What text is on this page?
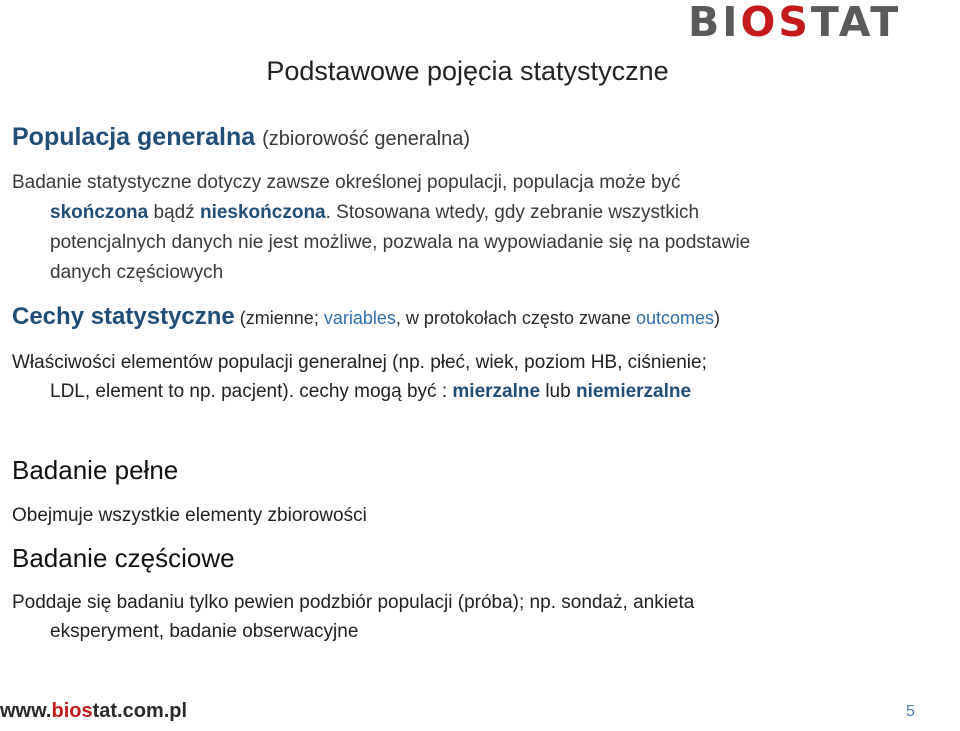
BIOSTAT
Podstawowe pojęcia statystyczne
Populacja generalna (zbiorowość generalna)

Badanie statystyczne dotyczy zawsze określonej populacji, populacja może być
skończona bądź nieskończona. Stosowana wtedy, gdy zebranie wszystkich
potencjalnych danych nie jest możliwe, pozwala na wypowiadanie się na podstawie
danych częściowych

Cechy statystyczne (zmienne; variables, w protokołach często zwane outcomes)

Właściwości elementów populacji generalnej (np. płeć, wiek, poziom HB, ciśnienie;
LDL, element to np. pacjent). cechy mogą być : mierzalne lub niemierzalne

Badanie pełne

Obejmuje wszystkie elementy zbiorowości

Badanie częściowe

Poddaje się badaniu tylko pewien podzbiór populacji (próba); np. sondaż, ankieta
eksperyment, badanie obserwacyjne

www.biostat.com.pl	5
